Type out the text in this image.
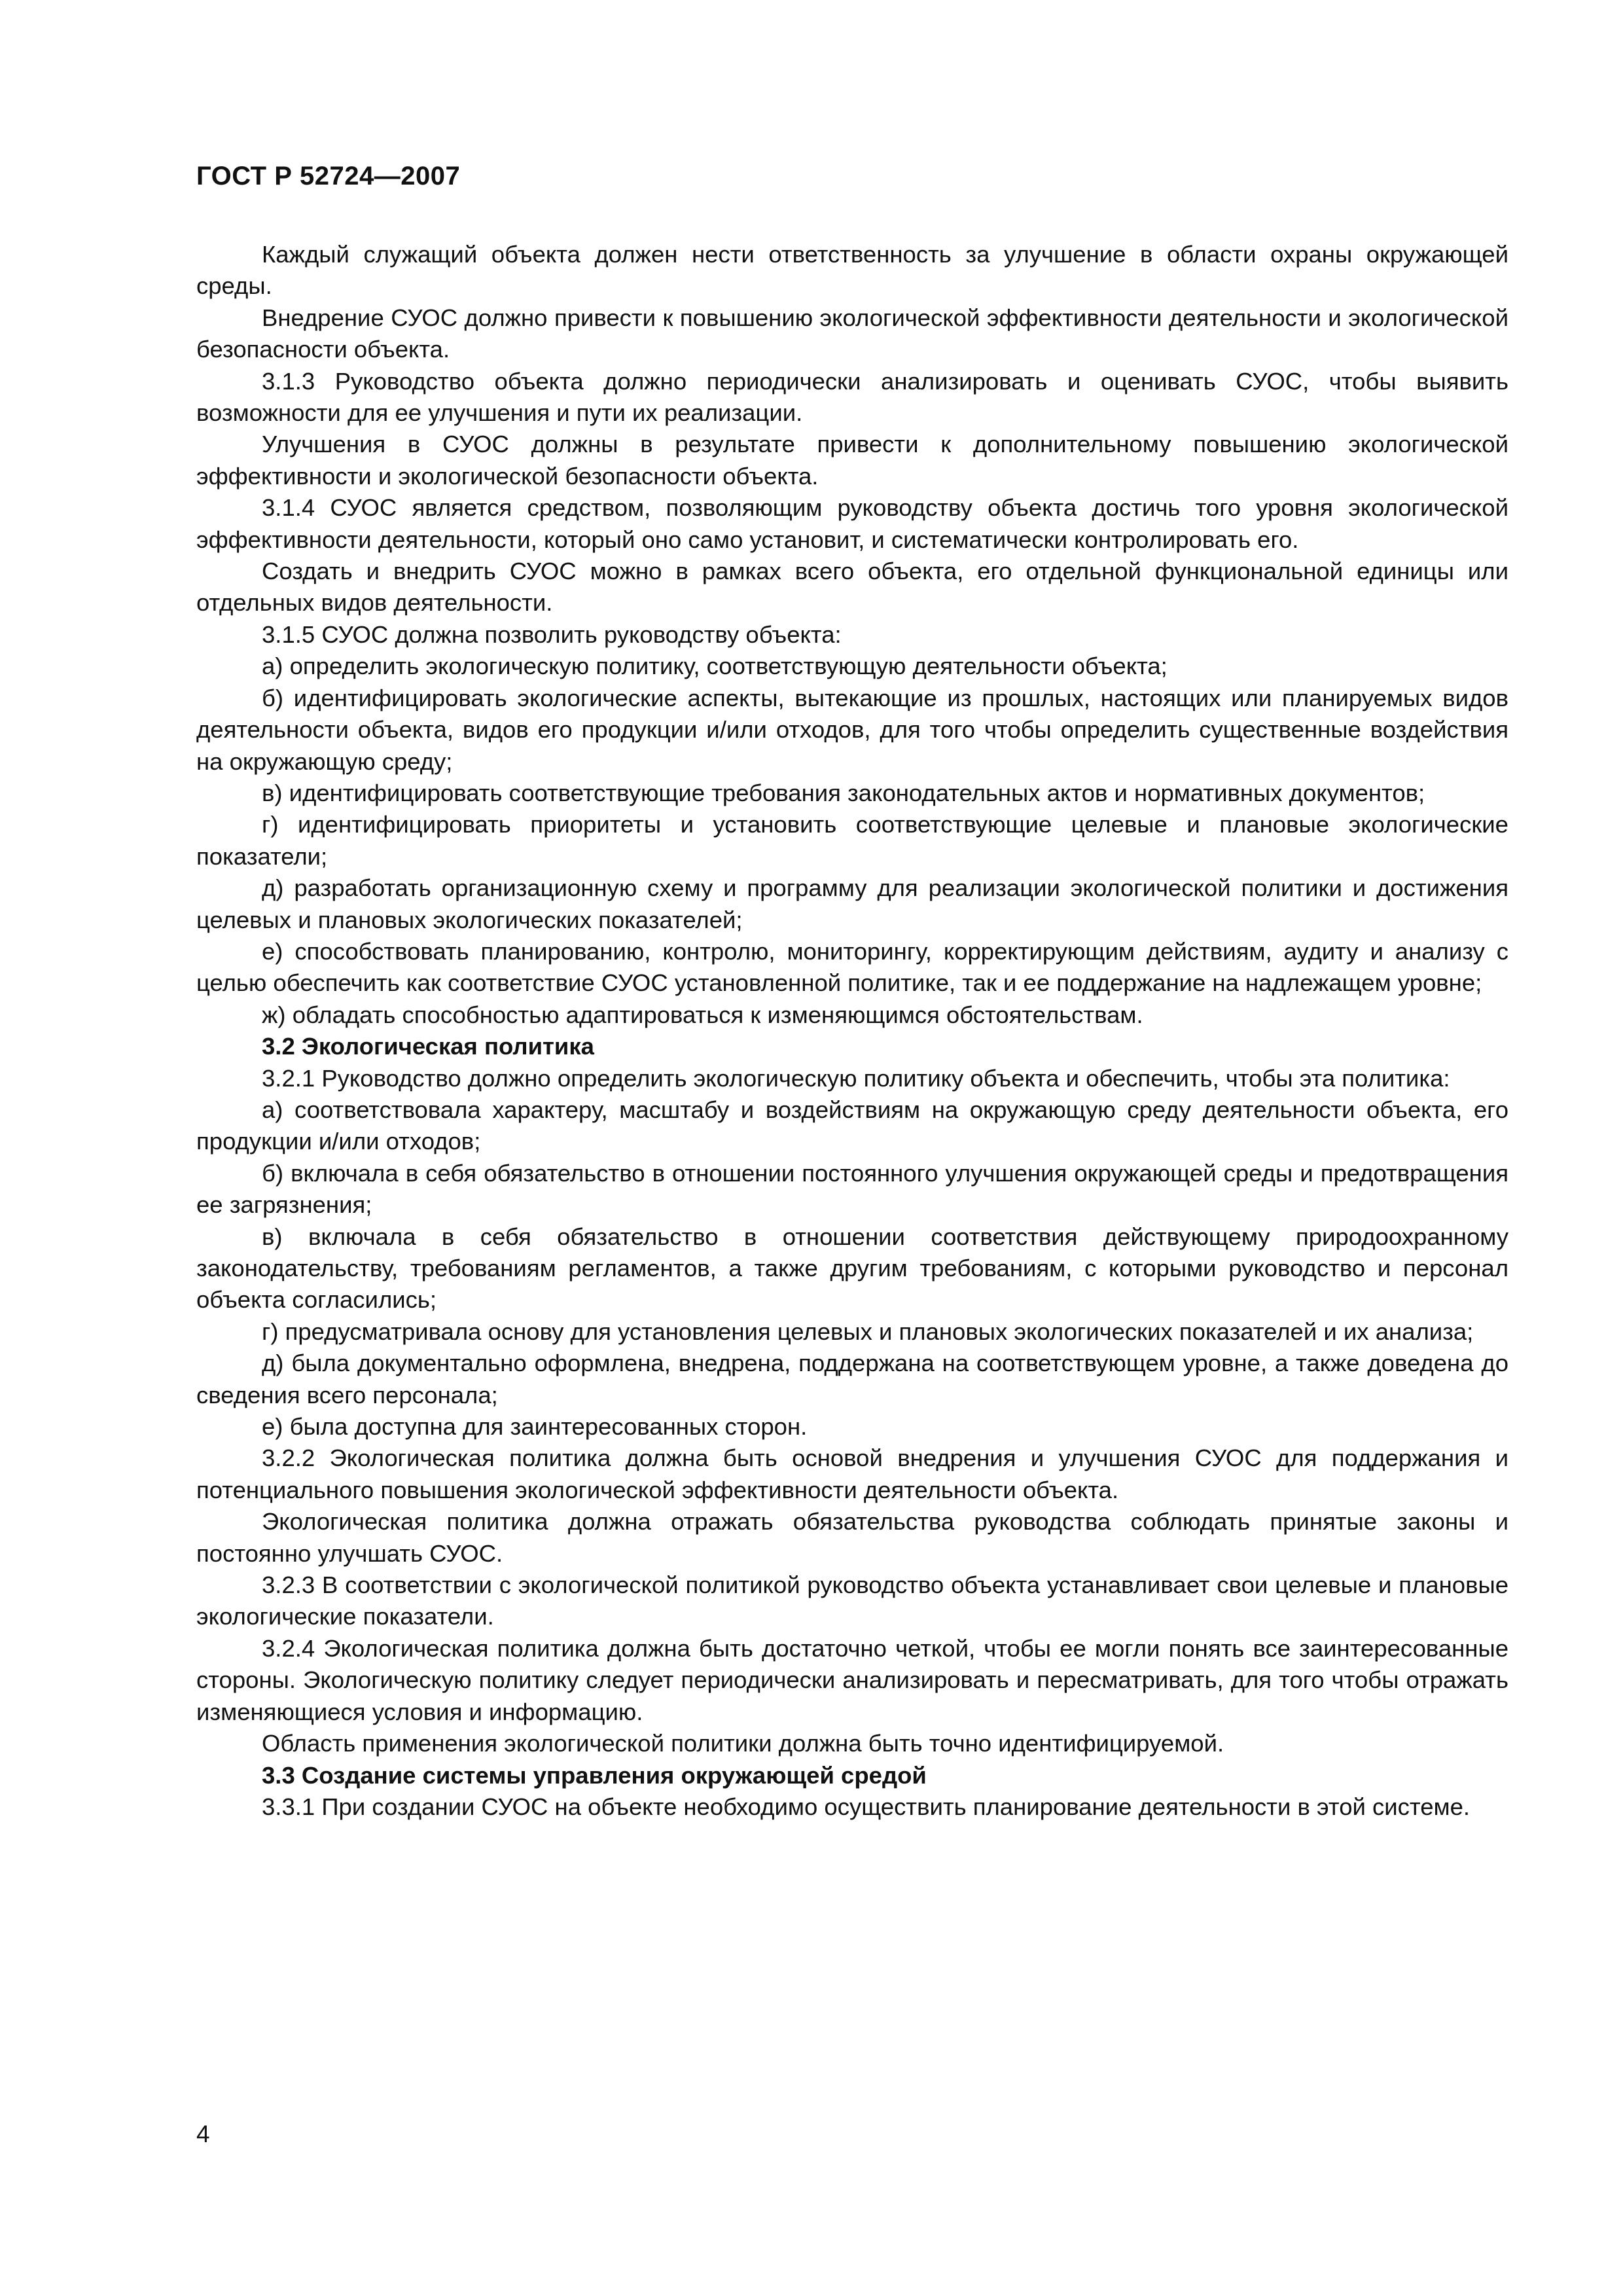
ГОСТ Р 52724—2007

Каждый служащий объекта должен нести ответственность за улучшение в области охраны окружающей среды.

Внедрение СУОС должно привести к повышению экологической эффективности деятельности и экологической безопасности объекта.

3.1.3 Руководство объекта должно периодически анализировать и оценивать СУОС, чтобы выявить возможности для ее улучшения и пути их реализации.

Улучшения в СУОС должны в результате привести к дополнительному повышению экологической эффективности и экологической безопасности объекта.

3.1.4 СУОС является средством, позволяющим руководству объекта достичь того уровня экологической эффективности деятельности, который оно само установит, и систематически контролировать его.

Создать и внедрить СУОС можно в рамках всего объекта, его отдельной функциональной единицы или отдельных видов деятельности.

3.1.5 СУОС должна позволить руководству объекта:

а) определить экологическую политику, соответствующую деятельности объекта;

б) идентифицировать экологические аспекты, вытекающие из прошлых, настоящих или планируемых видов деятельности объекта, видов его продукции и/или отходов, для того чтобы определить существенные воздействия на окружающую среду;

в) идентифицировать соответствующие требования законодательных актов и нормативных документов;

г) идентифицировать приоритеты и установить соответствующие целевые и плановые экологические показатели;

д) разработать организационную схему и программу для реализации экологической политики и достижения целевых и плановых экологических показателей;

е) способствовать планированию, контролю, мониторингу, корректирующим действиям, аудиту и анализу с целью обеспечить как соответствие СУОС установленной политике, так и ее поддержание на надлежащем уровне;

ж) обладать способностью адаптироваться к изменяющимся обстоятельствам.

3.2 Экологическая политика

3.2.1 Руководство должно определить экологическую политику объекта и обеспечить, чтобы эта политика:

а) соответствовала характеру, масштабу и воздействиям на окружающую среду деятельности объекта, его продукции и/или отходов;

б) включала в себя обязательство в отношении постоянного улучшения окружающей среды и предотвращения ее загрязнения;

в) включала в себя обязательство в отношении соответствия действующему природоохранному законодательству, требованиям регламентов, а также другим требованиям, с которыми руководство и персонал объекта согласились;

г) предусматривала основу для установления целевых и плановых экологических показателей и их анализа;

д) была документально оформлена, внедрена, поддержана на соответствующем уровне, а также доведена до сведения всего персонала;

е) была доступна для заинтересованных сторон.

3.2.2 Экологическая политика должна быть основой внедрения и улучшения СУОС для поддержания и потенциального повышения экологической эффективности деятельности объекта.

Экологическая политика должна отражать обязательства руководства соблюдать принятые законы и постоянно улучшать СУОС.

3.2.3 В соответствии с экологической политикой руководство объекта устанавливает свои целевые и плановые экологические показатели.

3.2.4 Экологическая политика должна быть достаточно четкой, чтобы ее могли понять все заинтересованные стороны. Экологическую политику следует периодически анализировать и пересматривать, для того чтобы отражать изменяющиеся условия и информацию.

Область применения экологической политики должна быть точно идентифицируемой.

3.3 Создание системы управления окружающей средой

3.3.1 При создании СУОС на объекте необходимо осуществить планирование деятельности в этой системе.

4
